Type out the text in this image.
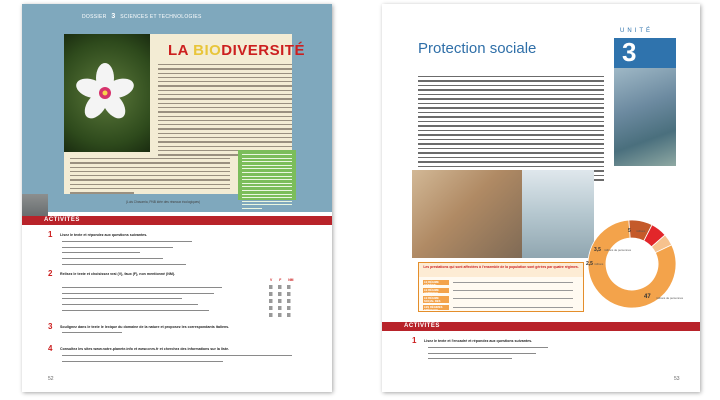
DOSSIER 3 SCIENCES ET TECHNOLOGIES
LA BIODIVERSITÉ
(Luis Chavarria, PNB idée des réseaux écologiques)
ACTIVITÉS
1 Lisez le texte et répondez aux questions suivantes.
2 Relisez le texte et choisissez vrai (V), faux (F), non mentionné (NM).
V F NM
3 Soulignez dans le texte le lexique du domaine de la nature et proposez les correspondants italiens.
4 Consultez les sites www.notre-planete.info et www.cnrs.fr et cherchez des informations sur la liste.
52
Protection sociale
UNITÉ
3
Les prestations qui sont affectées à l'ensemble de la population sont gérées par quatre régimes.
LE RÉGIME GÉNÉRAL
LE RÉGIME AGRICOLE
LE RÉGIME SOCIAL DES
LES RÉGIMES SPÉCIAUX
3,5 millions de personnes
2,5 millions
5 millions
47 millions de personnes
ACTIVITÉS
1 Lisez le texte et l'encadré et répondez aux questions suivantes.
53
